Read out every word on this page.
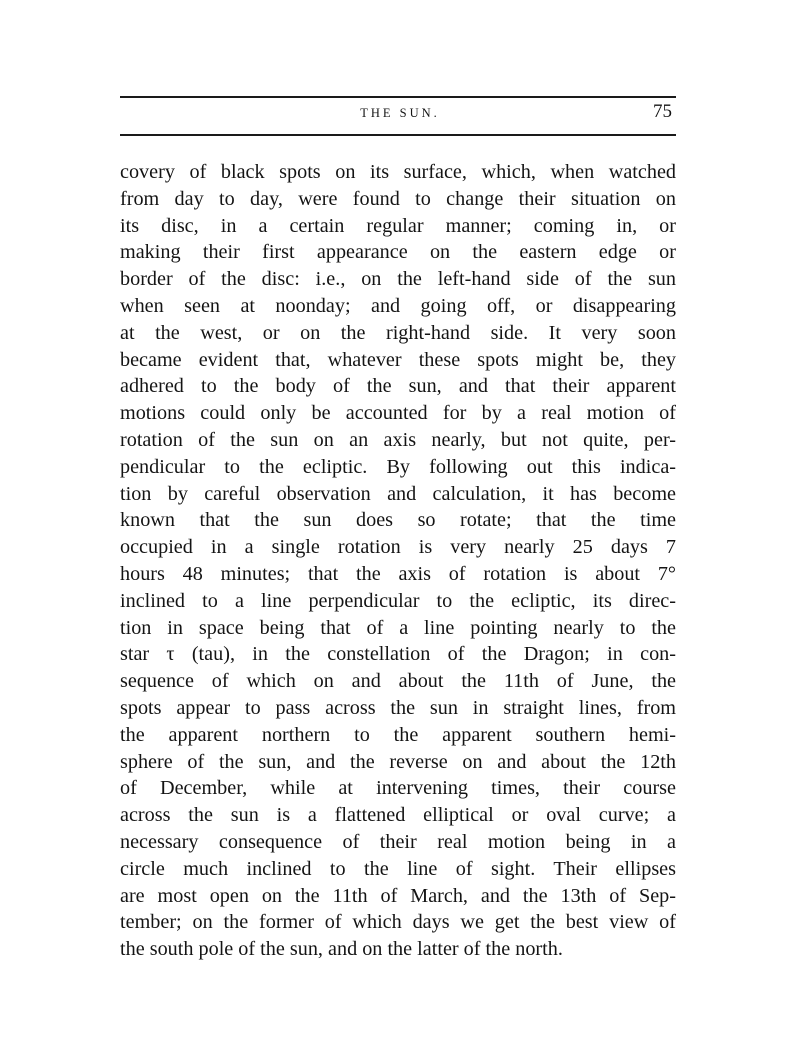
THE SUN.	75
covery of black spots on its surface, which, when watched
from day to day, were found to change their situation on
its disc, in a certain regular manner; coming in, or
making their first appearance on the eastern edge or
border of the disc: i.e., on the left-hand side of the sun
when seen at noonday; and going off, or disappearing
at the west, or on the right-hand side. It very soon
became evident that, whatever these spots might be, they
adhered to the body of the sun, and that their apparent
motions could only be accounted for by a real motion of
rotation of the sun on an axis nearly, but not quite, per-
pendicular to the ecliptic. By following out this indica-
tion by careful observation and calculation, it has become
known that the sun does so rotate; that the time
occupied in a single rotation is very nearly 25 days 7
hours 48 minutes; that the axis of rotation is about 7°
inclined to a line perpendicular to the ecliptic, its direc-
tion in space being that of a line pointing nearly to the
star τ (tau), in the constellation of the Dragon; in con-
sequence of which on and about the 11th of June, the
spots appear to pass across the sun in straight lines, from
the apparent northern to the apparent southern hemi-
sphere of the sun, and the reverse on and about the 12th
of December, while at intervening times, their course
across the sun is a flattened elliptical or oval curve; a
necessary consequence of their real motion being in a
circle much inclined to the line of sight. Their ellipses
are most open on the 11th of March, and the 13th of Sep-
tember; on the former of which days we get the best view of
the south pole of the sun, and on the latter of the north.
